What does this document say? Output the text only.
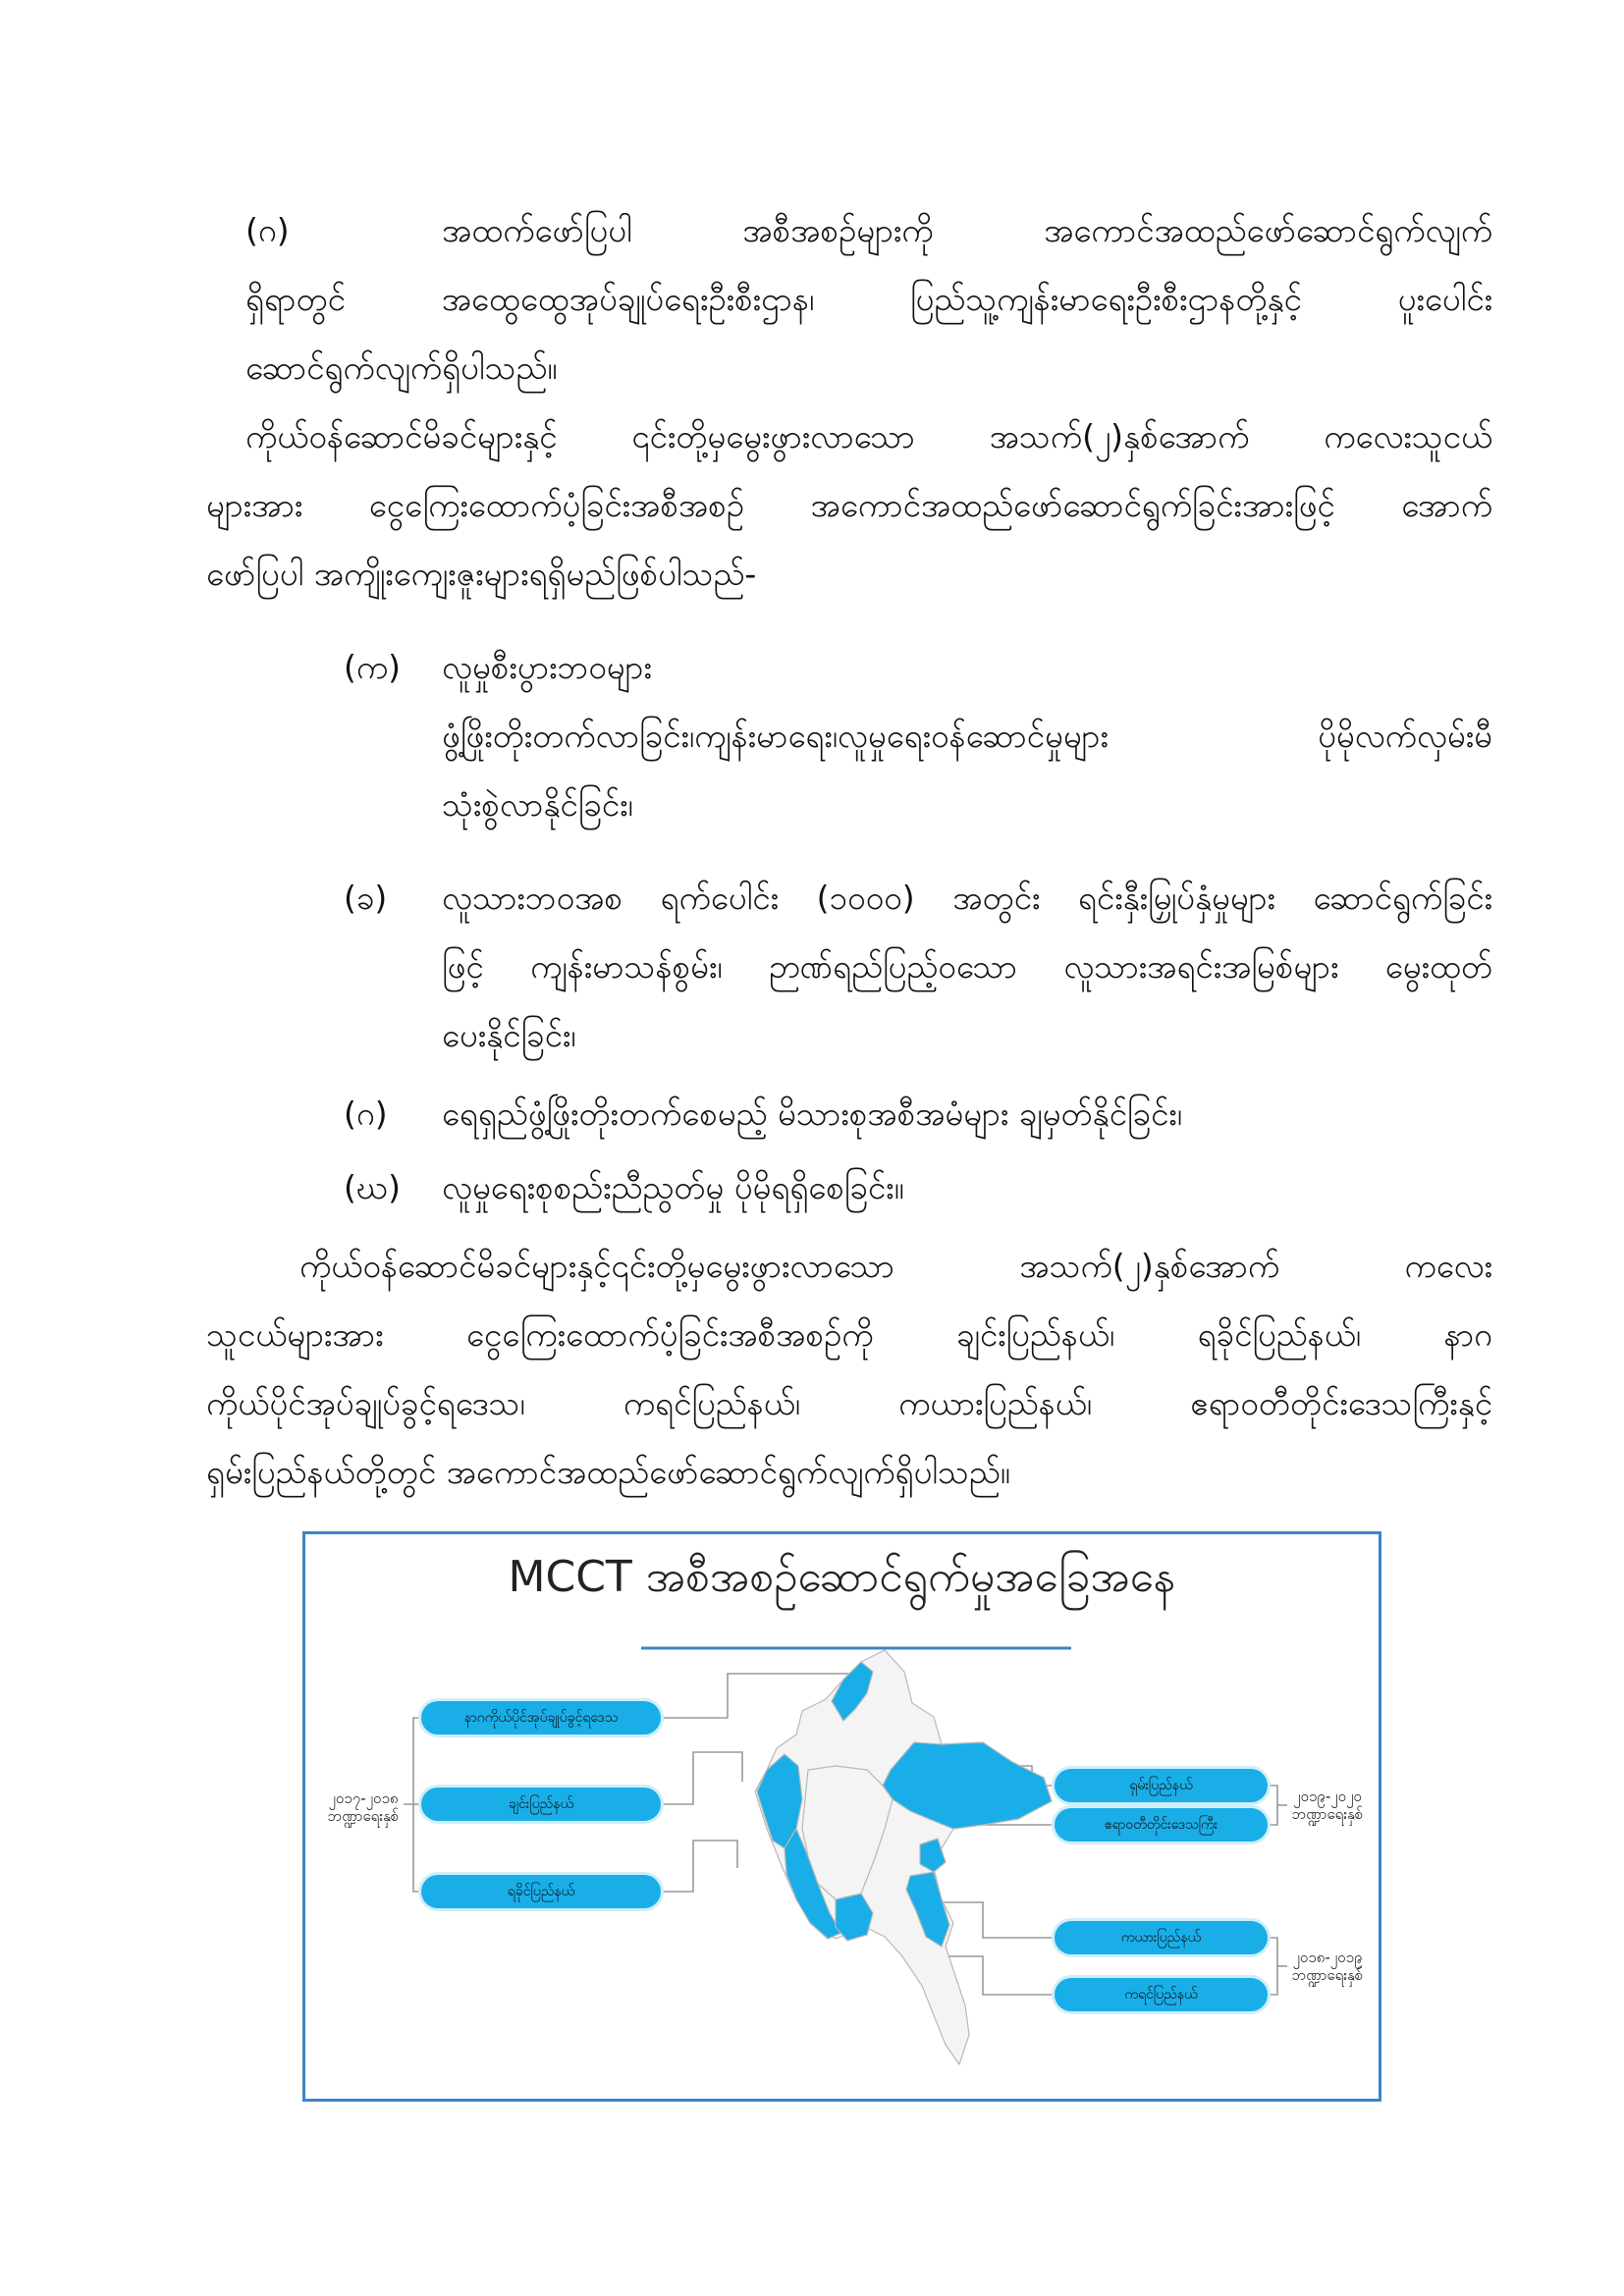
(ဂ)	အထက်ဖော်ပြပါ အစီအစဉ်များကို အကောင်အထည်ဖော်ဆောင်ရွက်လျက်
ရှိရာတွင် အထွေထွေအုပ်ချုပ်ရေးဦးစီးဌာန၊ ပြည်သူ့ကျန်းမာရေးဦးစီးဌာနတို့နှင့် ပူးပေါင်း
ဆောင်ရွက်လျက်ရှိပါသည်။
ကိုယ်ဝန်ဆောင်မိခင်များနှင့် ၎င်းတို့မှမွေးဖွားလာသော အသက်(၂)နှစ်အောက် ကလေးသူငယ်
များအား ငွေကြေးထောက်ပံ့ခြင်းအစီအစဉ် အကောင်အထည်ဖော်ဆောင်ရွက်ခြင်းအားဖြင့် အောက်
ဖော်ပြပါ အကျိုးကျေးဇူးများရရှိမည်ဖြစ်ပါသည်-
(က) လူမှုစီးပွားဘဝများ
ဖွံ့ဖြိုးတိုးတက်လာခြင်း၊ကျန်းမာရေး၊လူမှုရေးဝန်ဆောင်မှုများ ပိုမိုလက်လှမ်းမီ
သုံးစွဲလာနိုင်ခြင်း၊
(ခ) လူသားဘဝအစ ရက်ပေါင်း (၁၀၀၀) အတွင်း ရင်းနှီးမြှုပ်နှံမှုများ ဆောင်ရွက်ခြင်း
ဖြင့် ကျန်းမာသန်စွမ်း၊ ဉာဏ်ရည်ပြည့်ဝသော လူသားအရင်းအမြစ်များ မွေးထုတ်
ပေးနိုင်ခြင်း၊
(ဂ) ရေရှည်ဖွံ့ဖြိုးတိုးတက်စေမည့် မိသားစုအစီအမံများ ချမှတ်နိုင်ခြင်း၊
(ဃ) လူမှုရေးစုစည်းညီညွတ်မှု ပိုမိုရရှိစေခြင်း။
ကိုယ်ဝန်ဆောင်မိခင်များနှင့်၎င်းတို့မှမွေးဖွားလာသော အသက်(၂)နှစ်အောက် ကလေး
သူငယ်များအား ငွေကြေးထောက်ပံ့ခြင်းအစီအစဉ်ကို ချင်းပြည်နယ်၊ ရခိုင်ပြည်နယ်၊ နာဂ
ကိုယ်ပိုင်အုပ်ချုပ်ခွင့်ရဒေသ၊ ကရင်ပြည်နယ်၊ ကယားပြည်နယ်၊ ဧရာဝတီတိုင်းဒေသကြီးနှင့်
ရှမ်းပြည်နယ်တို့တွင် အကောင်အထည်ဖော်ဆောင်ရွက်လျက်ရှိပါသည်။
MCCT အစီအစဉ်ဆောင်ရွက်မှုအခြေအနေ
၂၀၁၇-၂၀၁၈
ဘဏ္ဍာရေးနှစ်
နာဂကိုယ်ပိုင်အုပ်ချုပ်ခွင့်ရဒေသ
ချင်းပြည်နယ်
ရခိုင်ပြည်နယ်
ရှမ်းပြည်နယ်
ဧရာဝတီတိုင်းဒေသကြီး
၂၀၁၉-၂၀၂၀
ဘဏ္ဍာရေးနှစ်
ကယားပြည်နယ်
ကရင်ပြည်နယ်
၂၀၁၈-၂၀၁၉
ဘဏ္ဍာရေးနှစ်
